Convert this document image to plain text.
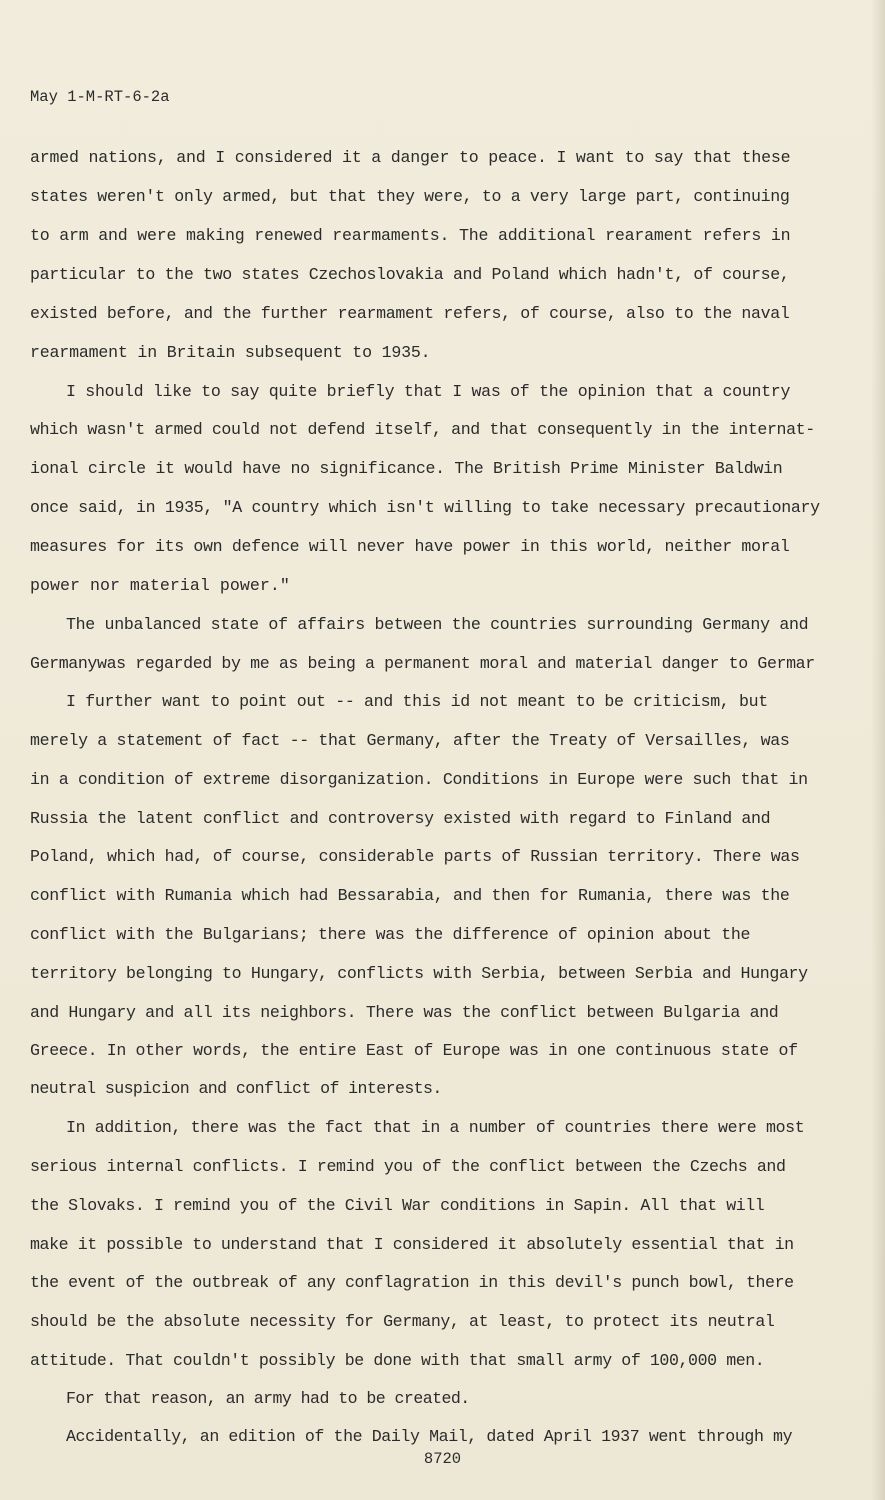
May 1-M-RT-6-2a
armed nations, and I considered it a danger to peace. I want to say that these
states weren't only armed, but that they were, to a very large part, continuing
to arm and were making renewed rearmaments. The additional rearament refers in
particular to the two states Czechoslovakia and Poland which hadn't, of course,
existed before, and the further rearmament refers, of course, also to the naval
rearmament in Britain subsequent to 1935.
I should like to say quite briefly that I was of the opinion that a country
which wasn't armed could not defend itself, and that consequently in the internat-
ional circle it would have no significance. The British Prime Minister Baldwin
once said, in 1935, "A country which isn't willing to take necessary precautionary
measures for its own defence will never have power in this world, neither moral
power nor material power."
The unbalanced state of affairs between the countries surrounding Germany and
Germanywas regarded by me as being a permanent moral and material danger to Germar
I further want to point out -- and this id not meant to be criticism, but
merely a statement of fact -- that Germany, after the Treaty of Versailles, was
in a condition of extreme disorganization. Conditions in Europe were such that in
Russia the latent conflict and controversy existed with regard to Finland and
Poland, which had, of course, considerable parts of Russian territory. There was
conflict with Rumania which had Bessarabia, and then for Rumania, there was the
conflict with the Bulgarians; there was the difference of opinion about the
territory belonging to Hungary, conflicts with Serbia, between Serbia and Hungary
and Hungary and all its neighbors. There was the conflict between Bulgaria and
Greece. In other words, the entire East of Europe was in one continuous state of
neutral suspicion and conflict of interests.
In addition, there was the fact that in a number of countries there were most
serious internal conflicts. I remind you of the conflict between the Czechs and
the Slovaks. I remind you of the Civil War conditions in Sapin. All that will
make it possible to understand that I considered it absolutely essential that in
the event of the outbreak of any conflagration in this devil's punch bowl, there
should be the absolute necessity for Germany, at least, to protect its neutral
attitude. That couldn't possibly be done with that small army of 100,000 men.
For that reason, an army had to be created.
Accidentally, an edition of the Daily Mail, dated April 1937 went through my
8720
